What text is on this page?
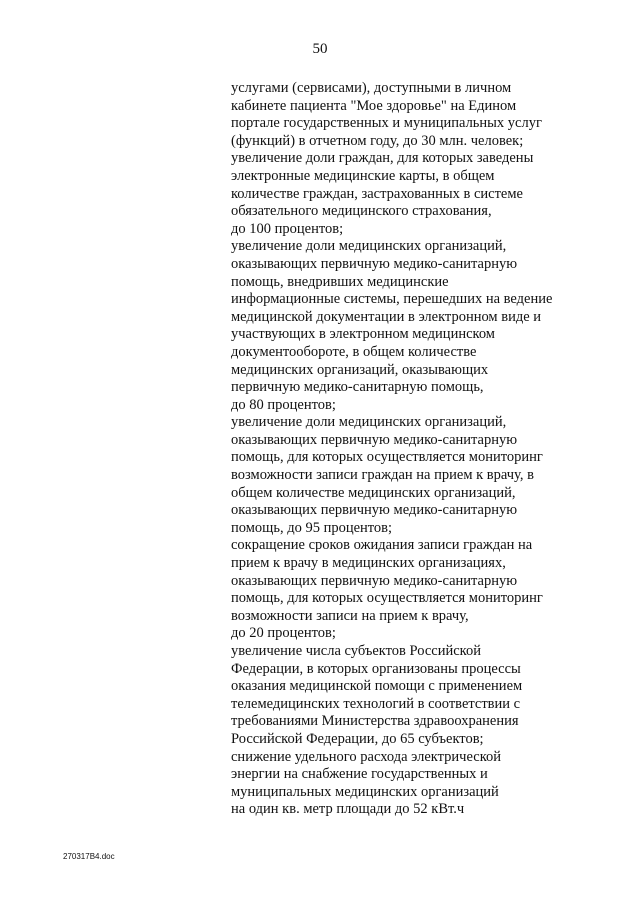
50
услугами (сервисами), доступными в личном
кабинете пациента "Мое здоровье" на Едином
портале государственных и муниципальных услуг
(функций) в отчетном году, до 30 млн. человек;
увеличение доли граждан, для которых заведены
электронные медицинские карты, в общем
количестве граждан, застрахованных в системе
обязательного медицинского страхования,
до 100 процентов;
увеличение доли медицинских организаций,
оказывающих первичную медико-санитарную
помощь, внедривших медицинские
информационные системы, перешедших на ведение
медицинской документации в электронном виде и
участвующих в электронном медицинском
документообороте, в общем количестве
медицинских организаций, оказывающих
первичную медико-санитарную помощь,
до 80 процентов;
увеличение доли медицинских организаций,
оказывающих первичную медико-санитарную
помощь, для которых осуществляется мониторинг
возможности записи граждан на прием к врачу, в
общем количестве медицинских организаций,
оказывающих первичную медико-санитарную
помощь, до 95 процентов;
сокращение сроков ожидания записи граждан на
прием к врачу в медицинских организациях,
оказывающих первичную медико-санитарную
помощь, для которых осуществляется мониторинг
возможности записи на прием к врачу,
до 20 процентов;
увеличение числа субъектов Российской
Федерации, в которых организованы процессы
оказания медицинской помощи с применением
телемедицинских технологий в соответствии с
требованиями Министерства здравоохранения
Российской Федерации, до 65 субъектов;
снижение удельного расхода электрической
энергии на снабжение государственных и
муниципальных медицинских организаций
на один кв. метр площади до 52 кВт.ч
270317В4.doc
